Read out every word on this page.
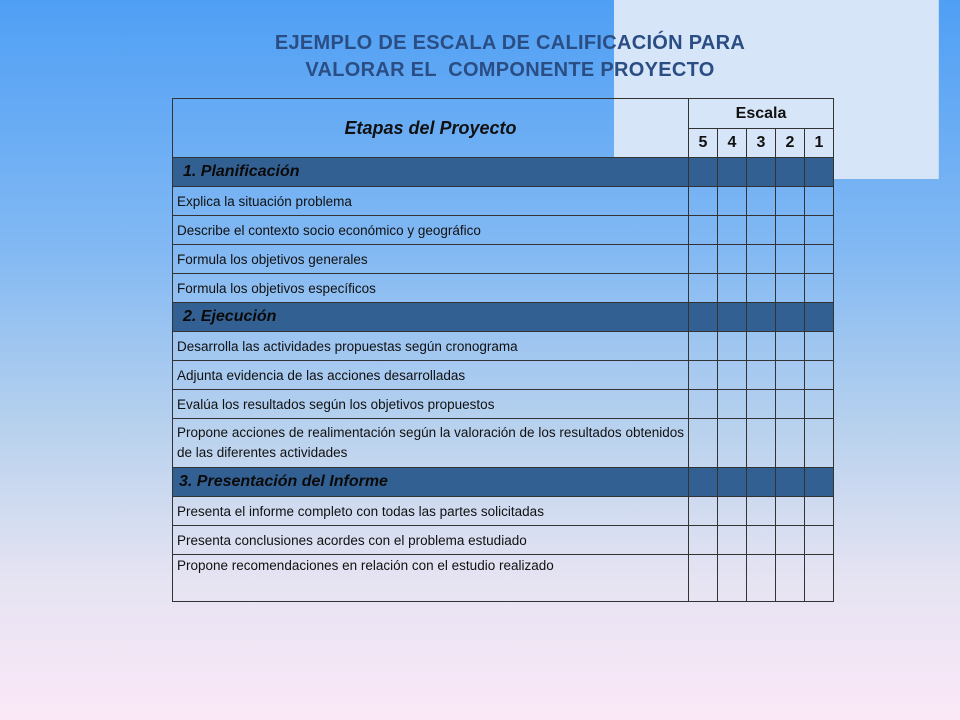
EJEMPLO DE ESCALA DE CALIFICACIÓN PARA
VALORAR EL  COMPONENTE PROYECTO
Etapas del Proyecto	Escala				
	5	4	3	2	1
1. Planificación					
Explica la situación problema					
Describe el contexto socio económico y geográfico					
Formula los objetivos generales					
Formula los objetivos específicos					
2. Ejecución					
Desarrolla las actividades propuestas según cronograma					
Adjunta evidencia de las acciones desarrolladas					
Evalúa los resultados según los objetivos propuestos					
Propone acciones de realimentación según la valoración de los resultados obtenidos de las diferentes actividades					
3. Presentación del Informe					
Presenta el informe completo con todas las partes solicitadas					
Presenta conclusiones acordes con el problema estudiado					
Propone recomendaciones en relación con el estudio realizado					
